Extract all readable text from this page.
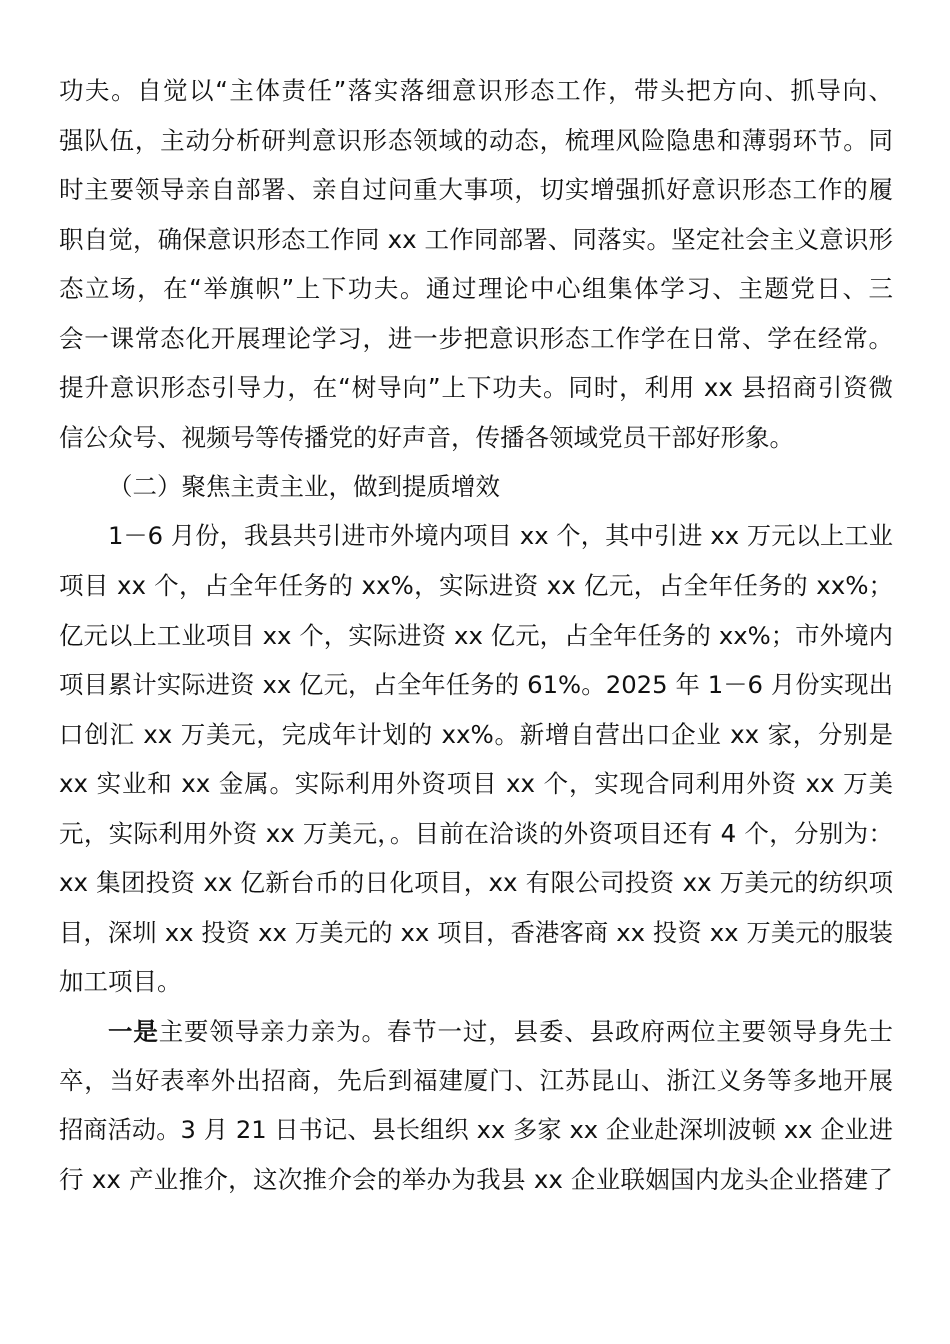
功夫。自觉以“主体责任”落实落细意识形态工作，带头把方向、抓导向、
强队伍，主动分析研判意识形态领域的动态，梳理风险隐患和薄弱环节。同
时主要领导亲自部署、亲自过问重大事项，切实增强抓好意识形态工作的履
职自觉，确保意识形态工作同 xx 工作同部署、同落实。坚定社会主义意识形
态立场，在“举旗帜”上下功夫。通过理论中心组集体学习、主题党日、三
会一课常态化开展理论学习，进一步把意识形态工作学在日常、学在经常。
提升意识形态引导力，在“树导向”上下功夫。同时，利用 xx 县招商引资微
信公众号、视频号等传播党的好声音，传播各领域党员干部好形象。
（二）聚焦主责主业，做到提质增效
1－6 月份，我县共引进市外境内项目 xx 个，其中引进 xx 万元以上工业
项目 xx 个，占全年任务的 xx%，实际进资 xx 亿元，占全年任务的 xx%；
亿元以上工业项目 xx 个，实际进资 xx 亿元，占全年任务的 xx%；市外境内
项目累计实际进资 xx 亿元，占全年任务的 61%。2025 年 1－6 月份实现出
口创汇 xx 万美元，完成年计划的 xx%。新增自营出口企业 xx 家，分别是
xx 实业和 xx 金属。实际利用外资项目 xx 个，实现合同利用外资 xx 万美
元，实际利用外资 xx 万美元，。目前在洽谈的外资项目还有 4 个，分别为：
xx 集团投资 xx 亿新台币的日化项目，xx 有限公司投资 xx 万美元的纺织项
目，深圳 xx 投资 xx 万美元的 xx 项目，香港客商 xx 投资 xx 万美元的服装
加工项目。
一是主要领导亲力亲为。春节一过，县委、县政府两位主要领导身先士
卒，当好表率外出招商，先后到福建厦门、江苏昆山、浙江义务等多地开展
招商活动。3 月 21 日书记、县长组织 xx 多家 xx 企业赴深圳波顿 xx 企业进
行 xx 产业推介，这次推介会的举办为我县 xx 企业联姻国内龙头企业搭建了
